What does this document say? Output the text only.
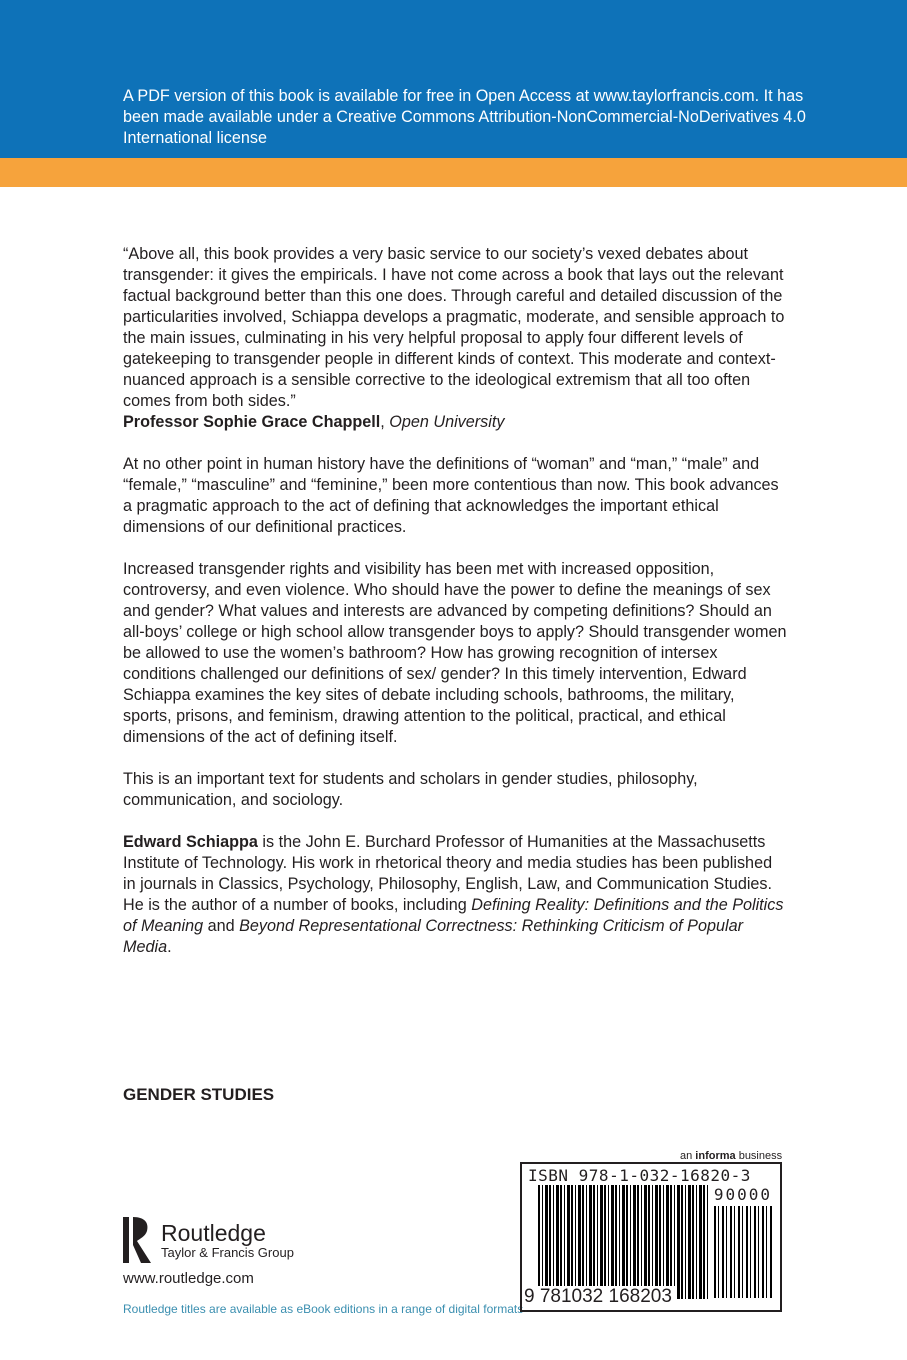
A PDF version of this book is available for free in Open Access at www.taylorfrancis.com. It has been made available under a Creative Commons Attribution-NonCommercial-NoDerivatives 4.0 International license

“Above all, this book provides a very basic service to our society’s vexed debates about transgender: it gives the empiricals. I have not come across a book that lays out the relevant factual background better than this one does. Through careful and detailed discussion of the particularities involved, Schiappa develops a pragmatic, moderate, and sensible approach to the main issues, culminating in his very helpful proposal to apply four different levels of gatekeeping to transgender people in different kinds of context. This moderate and context-nuanced approach is a sensible corrective to the ideological extremism that all too often comes from both sides.”
Professor Sophie Grace Chappell, Open University

At no other point in human history have the definitions of “woman” and “man,” “male” and “female,” “masculine” and “feminine,” been more contentious than now. This book advances a pragmatic approach to the act of defining that acknowledges the important ethical dimensions of our definitional practices.

Increased transgender rights and visibility has been met with increased opposition, controversy, and even violence. Who should have the power to define the meanings of sex and gender? What values and interests are advanced by competing definitions? Should an all-boys’ college or high school allow transgender boys to apply? Should transgender women be allowed to use the women’s bathroom? How has growing recognition of intersex conditions challenged our definitions of sex/ gender? In this timely intervention, Edward Schiappa examines the key sites of debate including schools, bathrooms, the military, sports, prisons, and feminism, drawing attention to the political, practical, and ethical dimensions of the act of defining itself.

This is an important text for students and scholars in gender studies, philosophy, communication, and sociology.

Edward Schiappa is the John E. Burchard Professor of Humanities at the Massachusetts Institute of Technology. His work in rhetorical theory and media studies has been published in journals in Classics, Psychology, Philosophy, English, Law, and Communication Studies. He is the author of a number of books, including Defining Reality: Definitions and the Politics of Meaning and Beyond Representational Correctness: Rethinking Criticism of Popular Media.

GENDER STUDIES
Routledge
Taylor & Francis Group
www.routledge.com
Routledge titles are available as eBook editions in a range of digital formats
an informa business
ISBN 978-1-032-16820-3
90000
9 781032 168203
